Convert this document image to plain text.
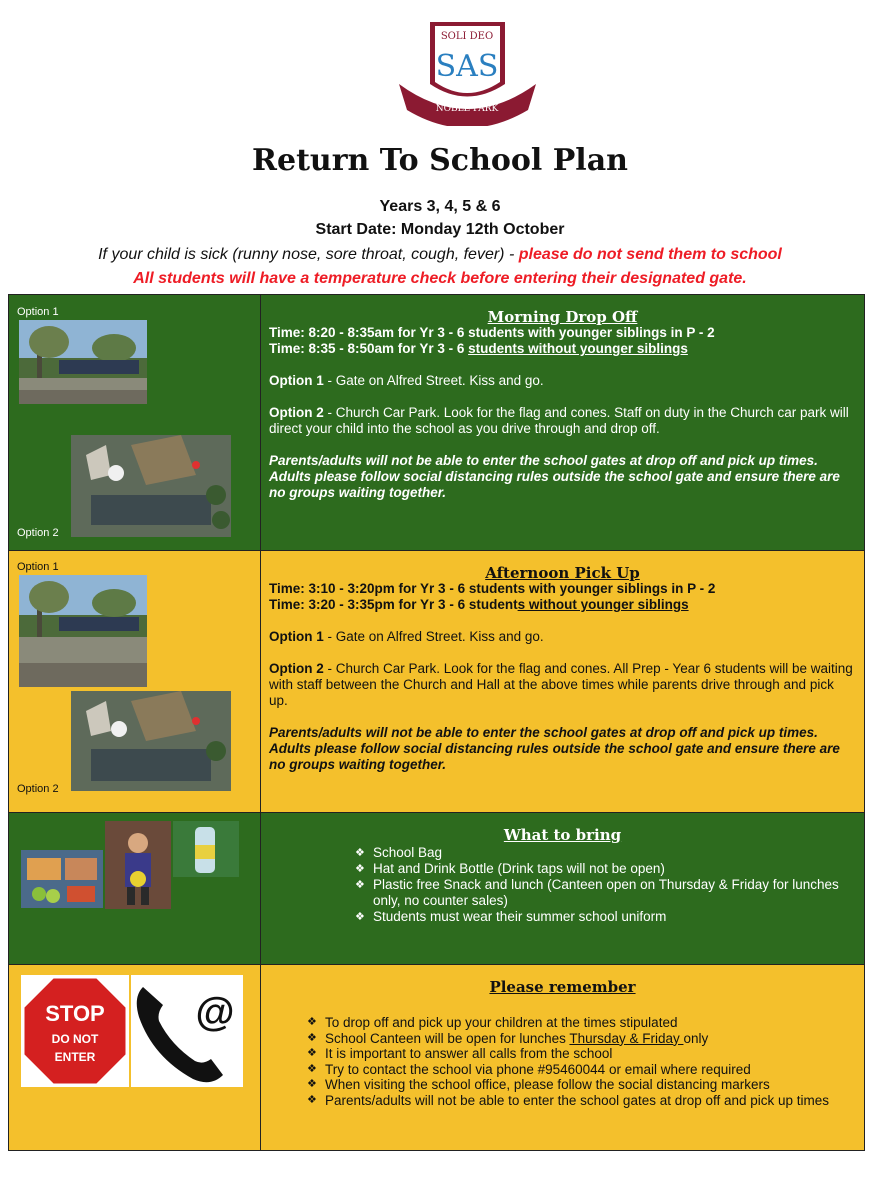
SOLI DEO
SAS
NOBLE PARK
Return To School Plan
Years 3, 4, 5 & 6
Start Date: Monday 12th October
If your child is sick (runny nose, sore throat, cough, fever) - please do not send them to school
All students will have a temperature check before entering their designated gate.
Option 1
Option 2
Morning Drop Off
Time: 8:20 - 8:35am for Yr 3 - 6 students with younger siblings in P - 2
Time: 8:35 - 8:50am for Yr 3 - 6 students without younger siblings
Option 1 - Gate on Alfred Street. Kiss and go.
Option 2 - Church Car Park. Look for the flag and cones. Staff on duty in the Church car park will direct your child into the school as you drive through and drop off.
Parents/adults will not be able to enter the school gates at drop off and pick up times. Adults please follow social distancing rules outside the school gate and ensure there are no groups waiting together.
Option 1
Option 2
Afternoon Pick Up
Time: 3:10 - 3:20pm for Yr 3 - 6 students with younger siblings in P - 2
Time: 3:20 - 3:35pm for Yr 3 - 6 students without younger siblings
Option 1 - Gate on Alfred Street. Kiss and go.
Option 2 - Church Car Park. Look for the flag and cones. All Prep - Year 6 students will be waiting with staff between the Church and Hall at the above times while parents drive through and pick up.
Parents/adults will not be able to enter the school gates at drop off and pick up times. Adults please follow social distancing rules outside the school gate and ensure there are no groups waiting together.
What to bring
❖ School Bag
❖ Hat and Drink Bottle (Drink taps will not be open)
❖ Plastic free Snack and lunch (Canteen open on Thursday & Friday for lunches only, no counter sales)
❖ Students must wear their summer school uniform
STOP
DO NOT
ENTER
@
Please remember
❖ To drop off and pick up your children at the times stipulated
❖ School Canteen will be open for lunches Thursday & Friday only
❖ It is important to answer all calls from the school
❖ Try to contact the school via phone #95460044 or email where required
❖ When visiting the school office, please follow the social distancing markers
❖ Parents/adults will not be able to enter the school gates at drop off and pick up times
